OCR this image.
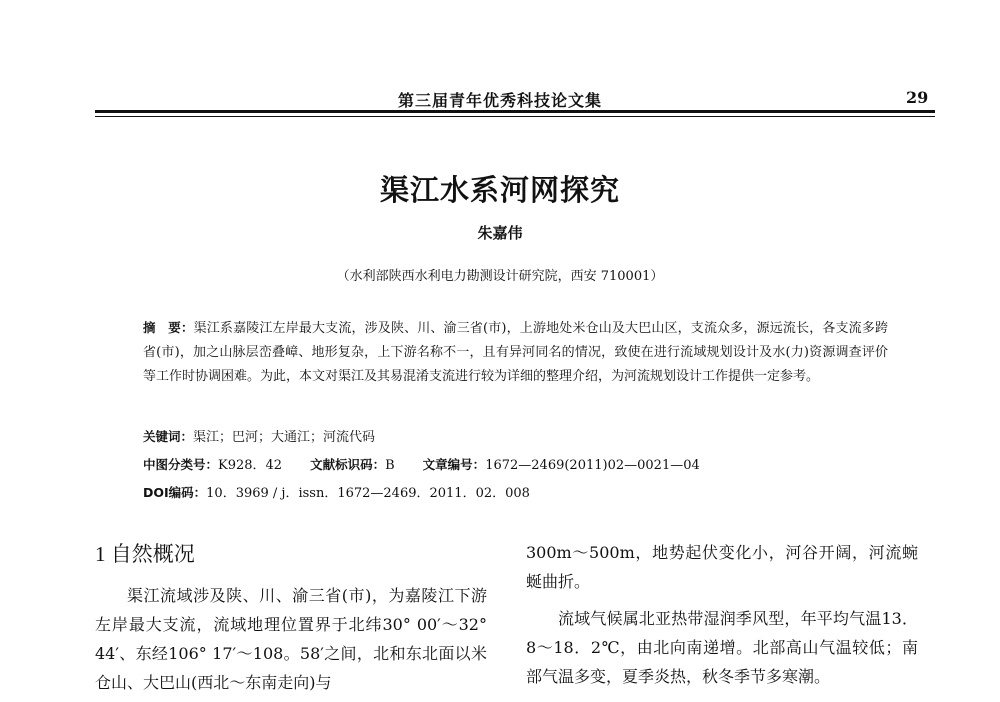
第三届青年优秀科技论文集	29
渠江水系河网探究
朱嘉伟
（水利部陕西水利电力勘测设计研究院，西安 710001）
摘　要：渠江系嘉陵江左岸最大支流，涉及陕、川、渝三省(市)，上游地处米仓山及大巴山区，支流众多，源远流长，各支流多跨省(市)，加之山脉层峦叠嶂、地形复杂，上下游名称不一，且有异河同名的情况，致使在进行流域规划设计及水(力)资源调查评价等工作时协调困难。为此，本文对渠江及其易混淆支流进行较为详细的整理介绍，为河流规划设计工作提供一定参考。
关键词：渠江；巴河；大通江；河流代码
中图分类号：K928．42 文献标识码：B 文章编号：1672—2469(2011)02—0021—04
DOI编码：10．3969 / j．issn．1672—2469．2011．02．008
1 自然概况

渠江流域涉及陕、川、渝三省(市)，为嘉陵江下游左岸最大支流，流域地理位置界于北纬30° 00′～32° 44′、东经106° 17′～108。58′之间，北和东北面以米仓山、大巴山(西北～东南走向)与

300m～500m，地势起伏变化小，河谷开阔，河流蜿蜒曲折。

流域气候属北亚热带湿润季风型，年平均气温13．8～18．2℃，由北向南递增。北部高山气温较低；南部气温多变，夏季炎热，秋冬季节多寒潮。
